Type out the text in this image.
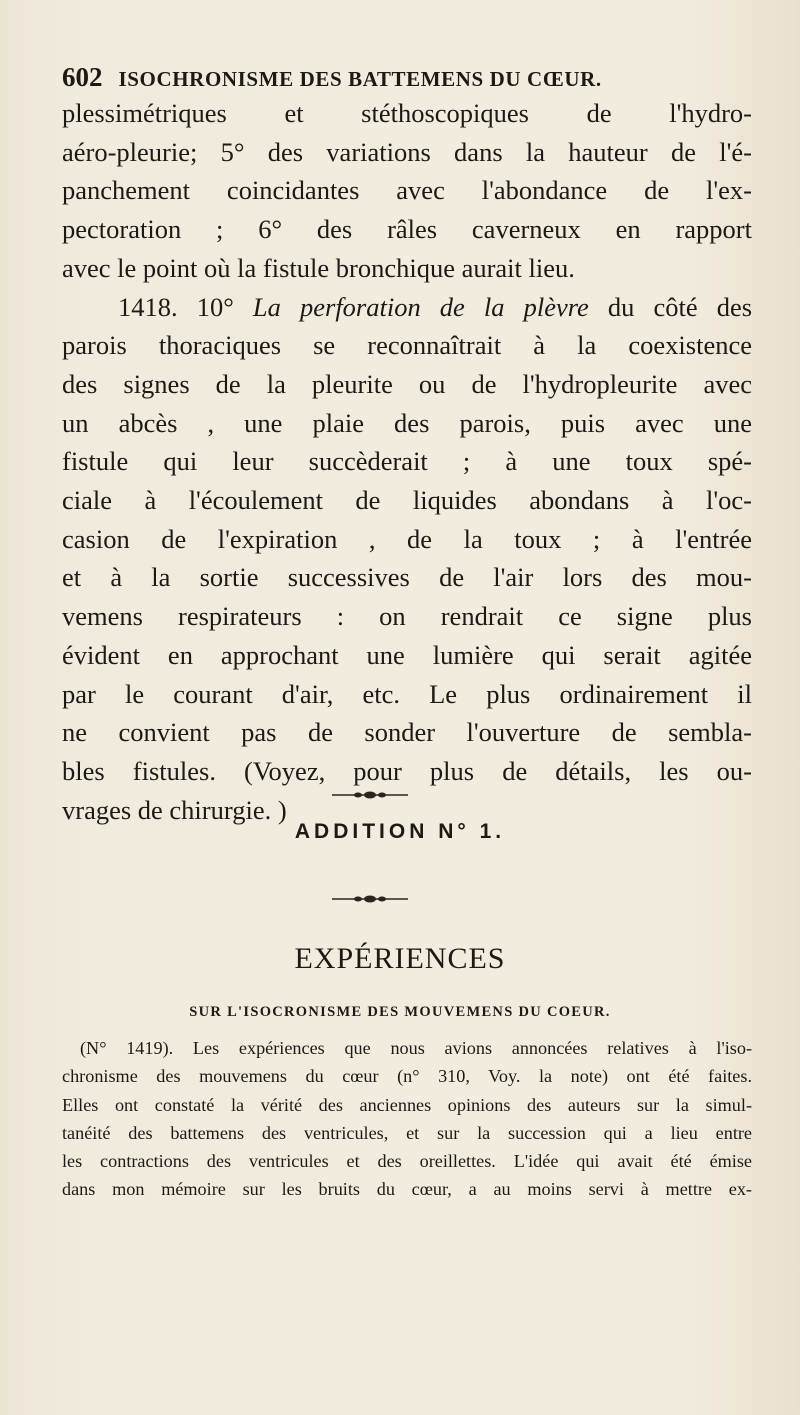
602 ISOCHRONISME DES BATTEMENS DU CŒUR.
plessimétriques et stéthoscopiques de l'hydro-
aéro-pleurie; 5° des variations dans la hauteur de l'é-
panchement coincidantes avec l'abondance de l'ex-
pectoration ; 6° des râles caverneux en rapport
avec le point où la fistule bronchique aurait lieu.
1418. 10° La perforation de la plèvre du côté des
parois thoraciques se reconnaîtrait à la coexistence
des signes de la pleurite ou de l'hydropleurite avec
un abcès , une plaie des parois, puis avec une
fistule qui leur succèderait ; à une toux spé-
ciale à l'écoulement de liquides abondans à l'oc-
casion de l'expiration , de la toux ; à l'entrée
et à la sortie successives de l'air lors des mou-
vemens respirateurs : on rendrait ce signe plus
évident en approchant une lumière qui serait agitée
par le courant d'air, etc. Le plus ordinairement il
ne convient pas de sonder l'ouverture de sembla-
bles fistules. (Voyez, pour plus de détails, les ou-
vrages de chirurgie. )
ADDITION N° 1.
EXPÉRIENCES
SUR L'ISOCRONISME DES MOUVEMENS DU COEUR.
(N° 1419). Les expériences que nous avions annoncées relatives à l'iso-
chronisme des mouvemens du cœur (n° 310, Voy. la note) ont été faites.
Elles ont constaté la vérité des anciennes opinions des auteurs sur la simul-
tanéité des battemens des ventricules, et sur la succession qui a lieu entre
les contractions des ventricules et des oreillettes. L'idée qui avait été émise
dans mon mémoire sur les bruits du cœur, a au moins servi à mettre ex-
